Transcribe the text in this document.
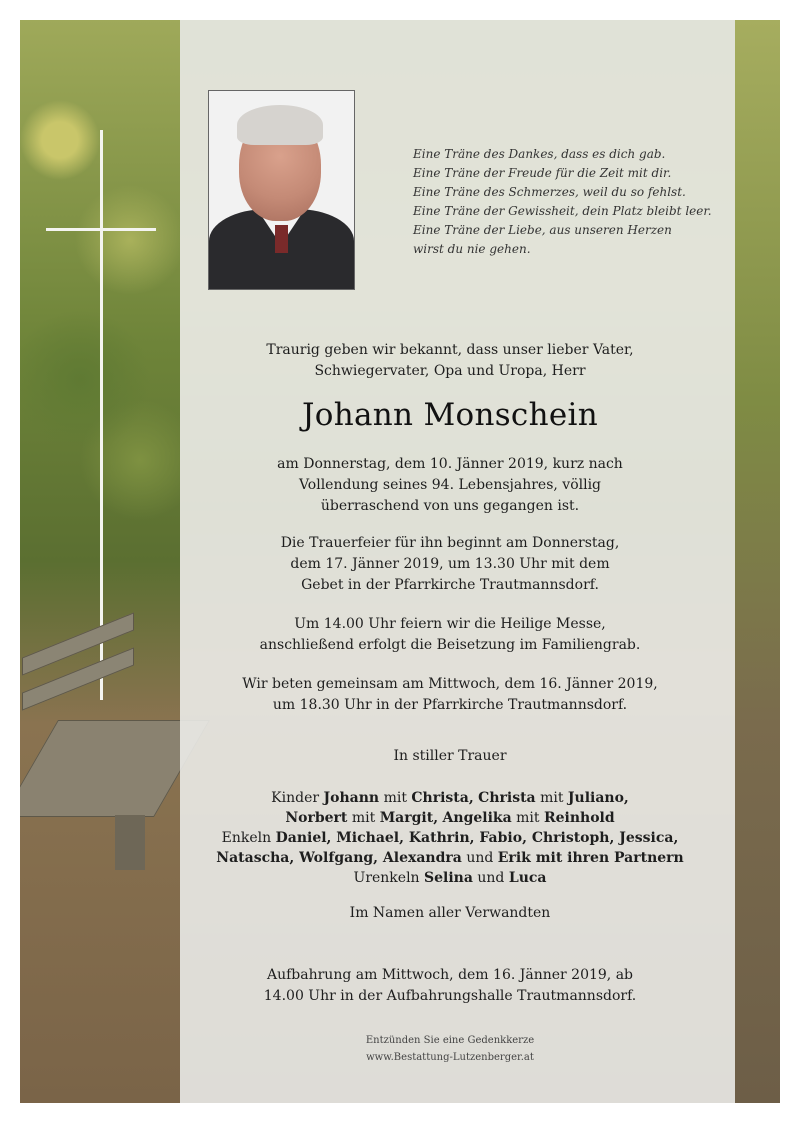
Eine Träne des Dankes, dass es dich gab.
Eine Träne der Freude für die Zeit mit dir.
Eine Träne des Schmerzes, weil du so fehlst.
Eine Träne der Gewissheit, dein Platz bleibt leer.
Eine Träne der Liebe, aus unseren Herzen
wirst du nie gehen.
Traurig geben wir bekannt, dass unser lieber Vater,
Schwiegervater, Opa und Uropa, Herr
Johann Monschein
am Donnerstag, dem 10. Jänner 2019, kurz nach
Vollendung seines 94. Lebensjahres, völlig
überraschend von uns gegangen ist.
Die Trauerfeier für ihn beginnt am Donnerstag,
dem 17. Jänner 2019, um 13.30 Uhr mit dem
Gebet in der Pfarrkirche Trautmannsdorf.
Um 14.00 Uhr feiern wir die Heilige Messe,
anschließend erfolgt die Beisetzung im Familiengrab.
Wir beten gemeinsam am Mittwoch, dem 16. Jänner 2019,
um 18.30 Uhr in der Pfarrkirche Trautmannsdorf.
In stiller Trauer
Kinder Johann mit Christa, Christa mit Juliano,
Norbert mit Margit, Angelika mit Reinhold
Enkeln Daniel, Michael, Kathrin, Fabio, Christoph, Jessica,
Natascha, Wolfgang, Alexandra und Erik mit ihren Partnern
Urenkeln Selina und Luca
Im Namen aller Verwandten
Aufbahrung am Mittwoch, dem 16. Jänner 2019, ab
14.00 Uhr in der Aufbahrungshalle Trautmannsdorf.
Entzünden Sie eine Gedenkkerze
www.Bestattung-Lutzenberger.at
